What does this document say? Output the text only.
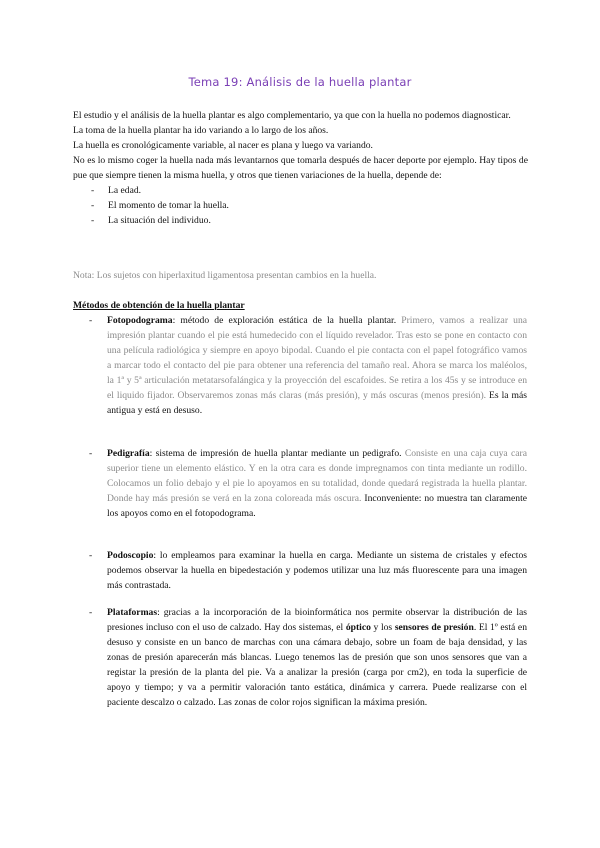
Tema 19: Análisis de la huella plantar

El estudio y el análisis de la huella plantar es algo complementario, ya que con la huella no podemos diagnosticar.

La toma de la huella plantar ha ido variando a lo largo de los años.

La huella es cronológicamente variable, al nacer es plana y luego va variando.

No es lo mismo coger la huella nada más levantarnos que tomarla después de hacer deporte por ejemplo. Hay tipos de pue que siempre tienen la misma huella, y otros que tienen variaciones de la huella, depende de:

- La edad.
- El momento de tomar la huella.
- La situación del individuo.
Nota: Los sujetos con hiperlaxitud ligamentosa presentan cambios en la huella.
Métodos de obtención de la huella plantar
- Fotopodograma: método de exploración estática de la huella plantar. Primero, vamos a realizar una impresión plantar cuando el pie está humedecido con el líquido revelador. Tras esto se pone en contacto con una película radiológica y siempre en apoyo bipodal. Cuando el pie contacta con el papel fotográfico vamos a marcar todo el contacto del pie para obtener una referencia del tamaño real. Ahora se marca los maléolos, la 1ª y 5ª articulación metatarsofalángica y la proyección del escafoides. Se retira a los 45s y se introduce en el liquido fijador. Observaremos zonas más claras (más presión), y más oscuras (menos presión). Es la más antigua y está en desuso.
- Pedigrafía: sistema de impresión de huella plantar mediante un pedigrafo. Consiste en una caja cuya cara superior tiene un elemento elástico. Y en la otra cara es donde impregnamos con tinta mediante un rodillo. Colocamos un folio debajo y el pie lo apoyamos en su totalidad, donde quedará registrada la huella plantar. Donde hay más presión se verá en la zona coloreada más oscura. Inconveniente: no muestra tan claramente los apoyos como en el fotopodograma.
- Podoscopio: lo empleamos para examinar la huella en carga. Mediante un sistema de cristales y efectos podemos observar la huella en bipedestación y podemos utilizar una luz más fluorescente para una imagen más contrastada.
- Plataformas: gracias a la incorporación de la bioinformática nos permite observar la distribución de las presiones incluso con el uso de calzado. Hay dos sistemas, el óptico y los sensores de presión. El 1º está en desuso y consiste en un banco de marchas con una cámara debajo, sobre un foam de baja densidad, y las zonas de presión aparecerán más blancas. Luego tenemos las de presión que son unos sensores que van a registar la presión de la planta del pie. Va a analizar la presión (carga por cm2), en toda la superficie de apoyo y tiempo; y va a permitir valoración tanto estática, dinámica y carrera. Puede realizarse con el paciente descalzo o calzado. Las zonas de color rojos significan la máxima presión.
